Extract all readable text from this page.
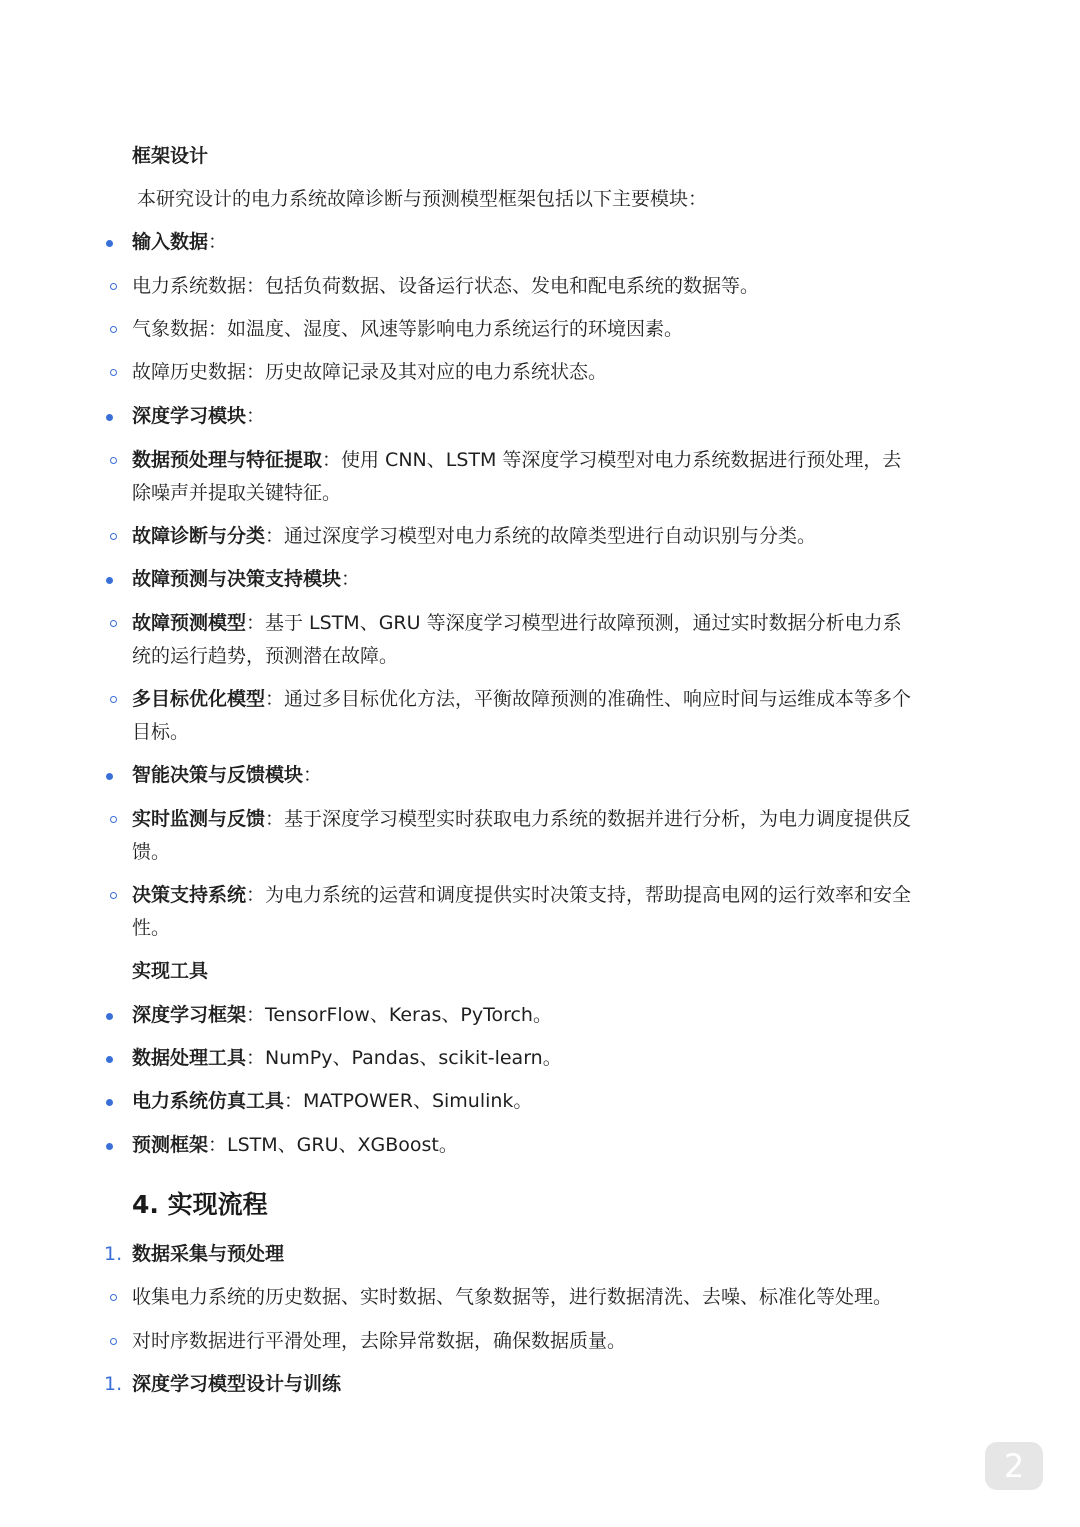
框架设计
本研究设计的电力系统故障诊断与预测模型框架包括以下主要模块：
输入数据：
电力系统数据：包括负荷数据、设备运行状态、发电和配电系统的数据等。
气象数据：如温度、湿度、风速等影响电力系统运行的环境因素。
故障历史数据：历史故障记录及其对应的电力系统状态。
深度学习模块：
数据预处理与特征提取：使用 CNN、LSTM 等深度学习模型对电力系统数据进行预处理，去
除噪声并提取关键特征。
故障诊断与分类：通过深度学习模型对电力系统的故障类型进行自动识别与分类。
故障预测与决策支持模块：
故障预测模型：基于 LSTM、GRU 等深度学习模型进行故障预测，通过实时数据分析电力系
统的运行趋势，预测潜在故障。
多目标优化模型：通过多目标优化方法，平衡故障预测的准确性、响应时间与运维成本等多个
目标。
智能决策与反馈模块：
实时监测与反馈：基于深度学习模型实时获取电力系统的数据并进行分析，为电力调度提供反
馈。
决策支持系统：为电力系统的运营和调度提供实时决策支持，帮助提高电网的运行效率和安全
性。
实现工具
深度学习框架：TensorFlow、Keras、PyTorch。
数据处理工具：NumPy、Pandas、scikit-learn。
电力系统仿真工具：MATPOWER、Simulink。
预测框架：LSTM、GRU、XGBoost。
4. 实现流程
1. 数据采集与预处理
收集电力系统的历史数据、实时数据、气象数据等，进行数据清洗、去噪、标准化等处理。
对时序数据进行平滑处理，去除异常数据，确保数据质量。
1. 深度学习模型设计与训练
2
